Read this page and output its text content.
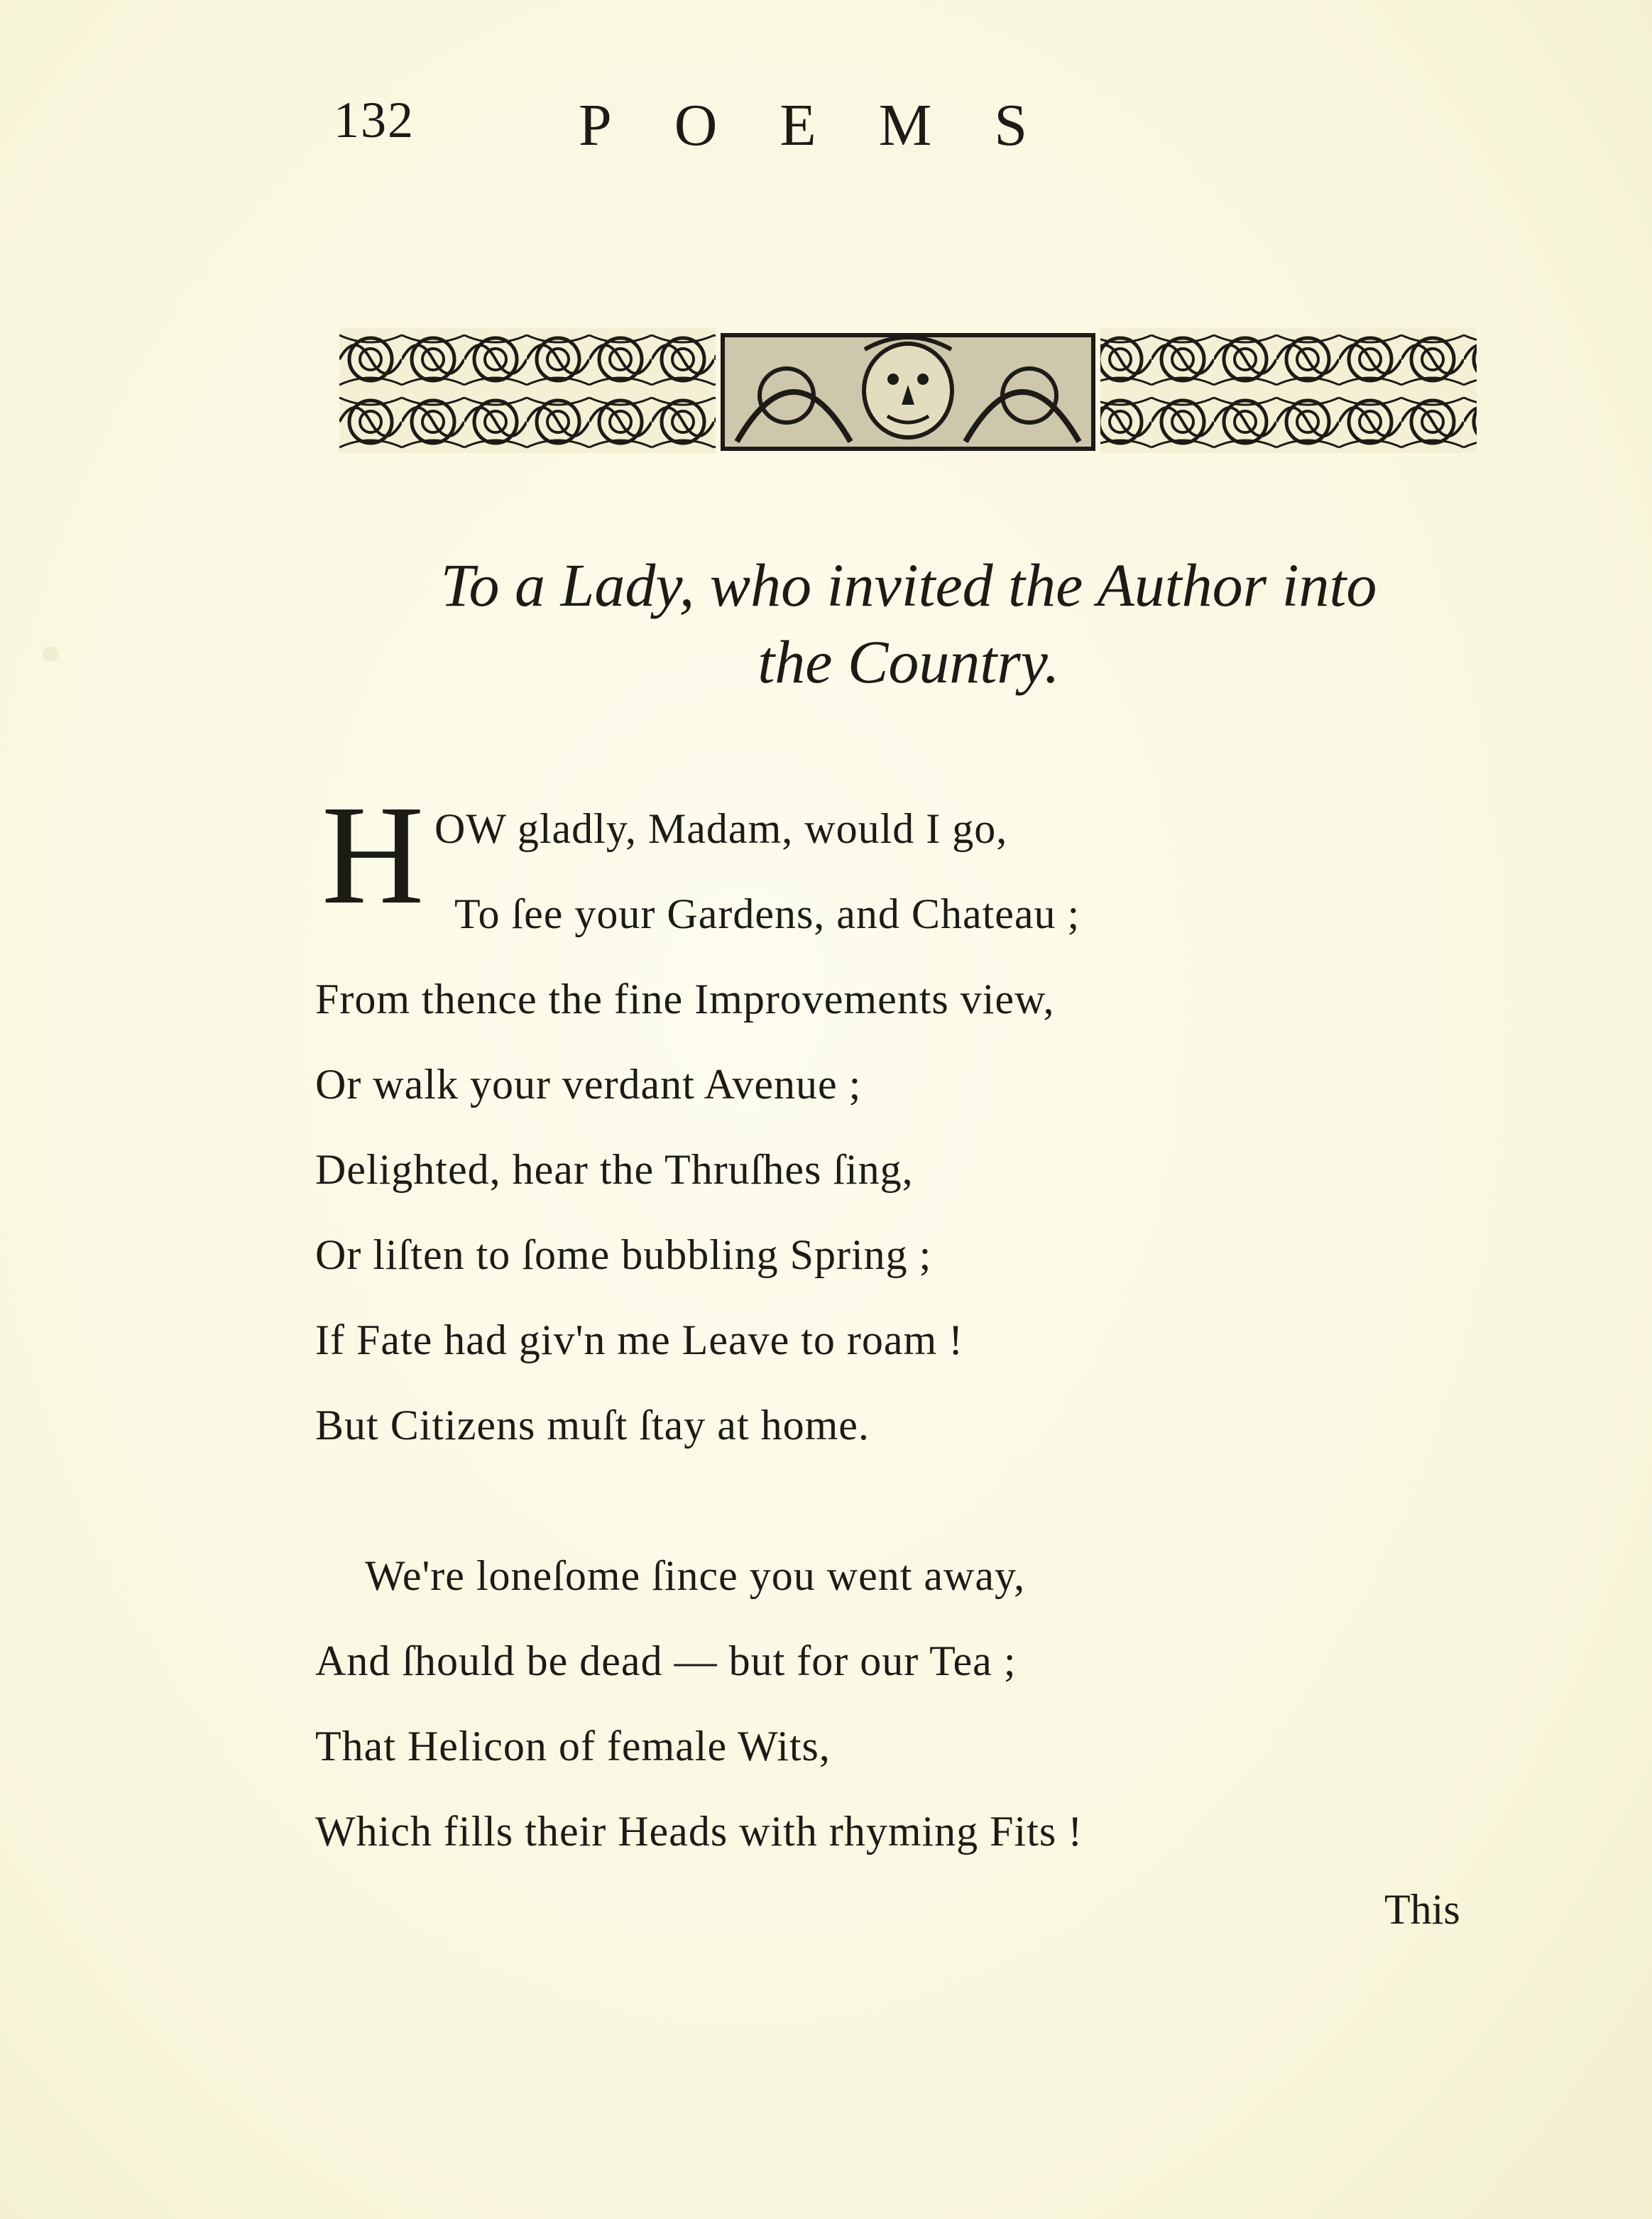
132	POEMS
To a Lady, who invited the Author into
the Country.
H OW gladly, Madam, would I go,
To ſee your Gardens, and Chateau ;
From thence the fine Improvements view,
Or walk your verdant Avenue ;
Delighted, hear the Thruſhes ſing,
Or liſten to ſome bubbling Spring ;
If Fate had giv'n me Leave to roam !
But Citizens muſt ſtay at home.
We're loneſome ſince you went away,
And ſhould be dead — but for our Tea ;
That Helicon of female Wits,
Which fills their Heads with rhyming Fits !
This
